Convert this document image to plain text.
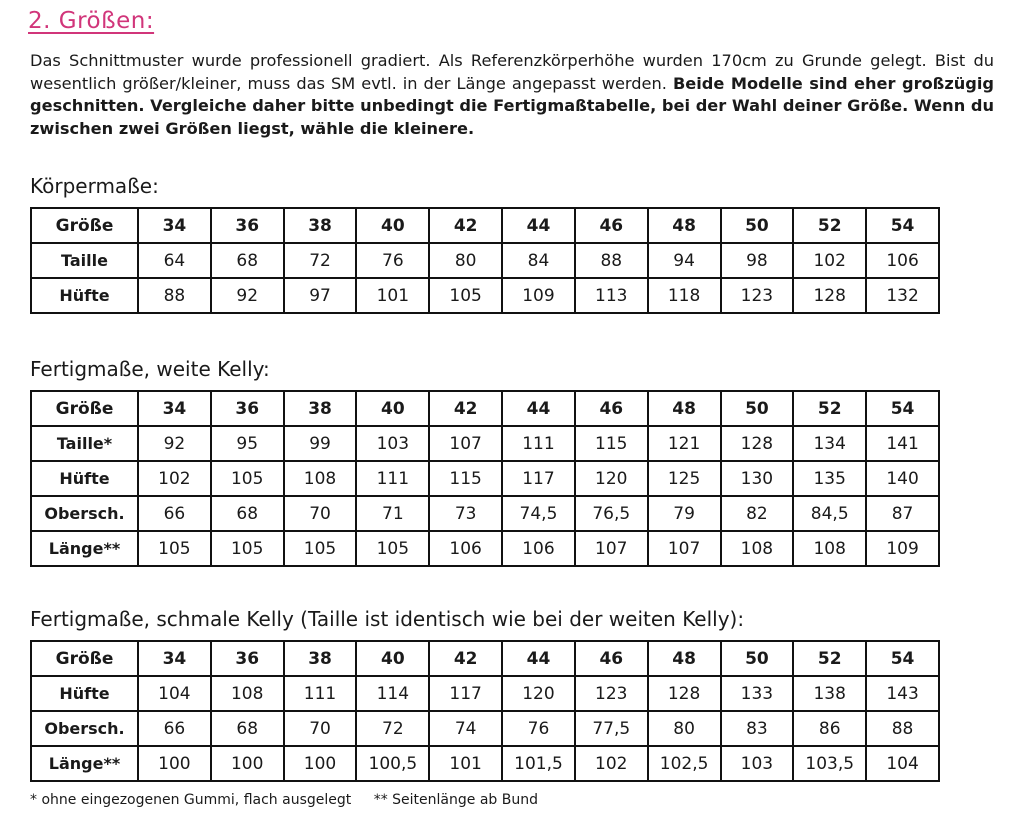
2. Größen:

Das Schnittmuster wurde professionell gradiert. Als Referenzkörperhöhe wurden 170cm zu Grunde gelegt. Bist du wesentlich größer/kleiner, muss das SM evtl. in der Länge angepasst werden. Beide Modelle sind eher großzügig geschnitten. Vergleiche daher bitte unbedingt die Fertigmaßtabelle, bei der Wahl deiner Größe. Wenn du zwischen zwei Größen liegst, wähle die kleinere.

Körpermaße:
Größe	34	36	38	40	42	44	46	48	50	52	54
Taille	64	68	72	76	80	84	88	94	98	102	106
Hüfte	88	92	97	101	105	109	113	118	123	128	132
Fertigmaße, weite Kelly:
Größe	34	36	38	40	42	44	46	48	50	52	54
Taille*	92	95	99	103	107	111	115	121	128	134	141
Hüfte	102	105	108	111	115	117	120	125	130	135	140
Obersch.	66	68	70	71	73	74,5	76,5	79	82	84,5	87
Länge**	105	105	105	105	106	106	107	107	108	108	109
Fertigmaße, schmale Kelly (Taille ist identisch wie bei der weiten Kelly):
Größe	34	36	38	40	42	44	46	48	50	52	54
Hüfte	104	108	111	114	117	120	123	128	133	138	143
Obersch.	66	68	70	72	74	76	77,5	80	83	86	88
Länge**	100	100	100	100,5	101	101,5	102	102,5	103	103,5	104
* ohne eingezogenen Gummi, flach ausgelegt ** Seitenlänge ab Bund
